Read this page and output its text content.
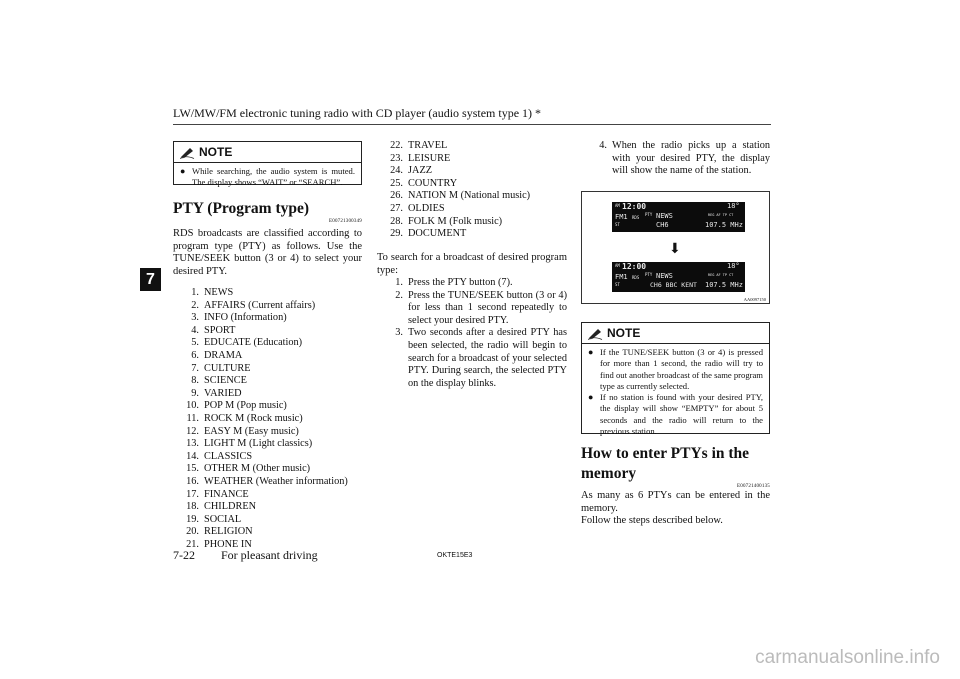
LW/MW/FM electronic tuning radio with CD player (audio system type 1) *
7
NOTE
● While searching, the audio system is muted. The display shows “WAIT” or “SEARCH”.
PTY (Program type)
E00721300349
RDS broadcasts are classified according to program type (PTY) as follows. Use the TUNE/SEEK button (3 or 4) to select your desired PTY.
1. NEWS
2. AFFAIRS (Current affairs)
3. INFO (Information)
4. SPORT
5. EDUCATE (Education)
6. DRAMA
7. CULTURE
8. SCIENCE
9. VARIED
10. POP M (Pop music)
11. ROCK M (Rock music)
12. EASY M (Easy music)
13. LIGHT M (Light classics)
14. CLASSICS
15. OTHER M (Other music)
16. WEATHER (Weather information)
17. FINANCE
18. CHILDREN
19. SOCIAL
20. RELIGION
21. PHONE IN
22. TRAVEL
23. LEISURE
24. JAZZ
25. COUNTRY
26. NATION M (National music)
27. OLDIES
28. FOLK M (Folk music)
29. DOCUMENT
To search for a broadcast of desired program type:
1. Press the PTY button (7).
2. Press the TUNE/SEEK button (3 or 4) for less than 1 second repeatedly to select your desired PTY.
3. Two seconds after a desired PTY has been selected, the radio will begin to search for a broadcast of your selected PTY. During search, the selected PTY on the display blinks.
4. When the radio picks up a station with your desired PTY, the display will show the name of the station.
AM 12:00	18°
FM1 RDS
PTY NEWS	REG AF TP CT
ST	CH6	107.5 MHz
⬇
AM 12:00	18°
FM1 RDS
PTY NEWS	REG AF TP CT
ST	CH6 BBC KENT 107.5 MHz
AA0097150
NOTE
● If the TUNE/SEEK button (3 or 4) is pressed for more than 1 second, the radio will try to find out another broadcast of the same program type as currently selected.
● If no station is found with your desired PTY, the display will show “EMPTY” for about 5 seconds and the radio will return to the previous station.
How to enter PTYs in the memory
E00721400135
As many as 6 PTYs can be entered in the memory.
Follow the steps described below.
7-22 For pleasant driving	OKTE15E3
carmanualsonline.info
